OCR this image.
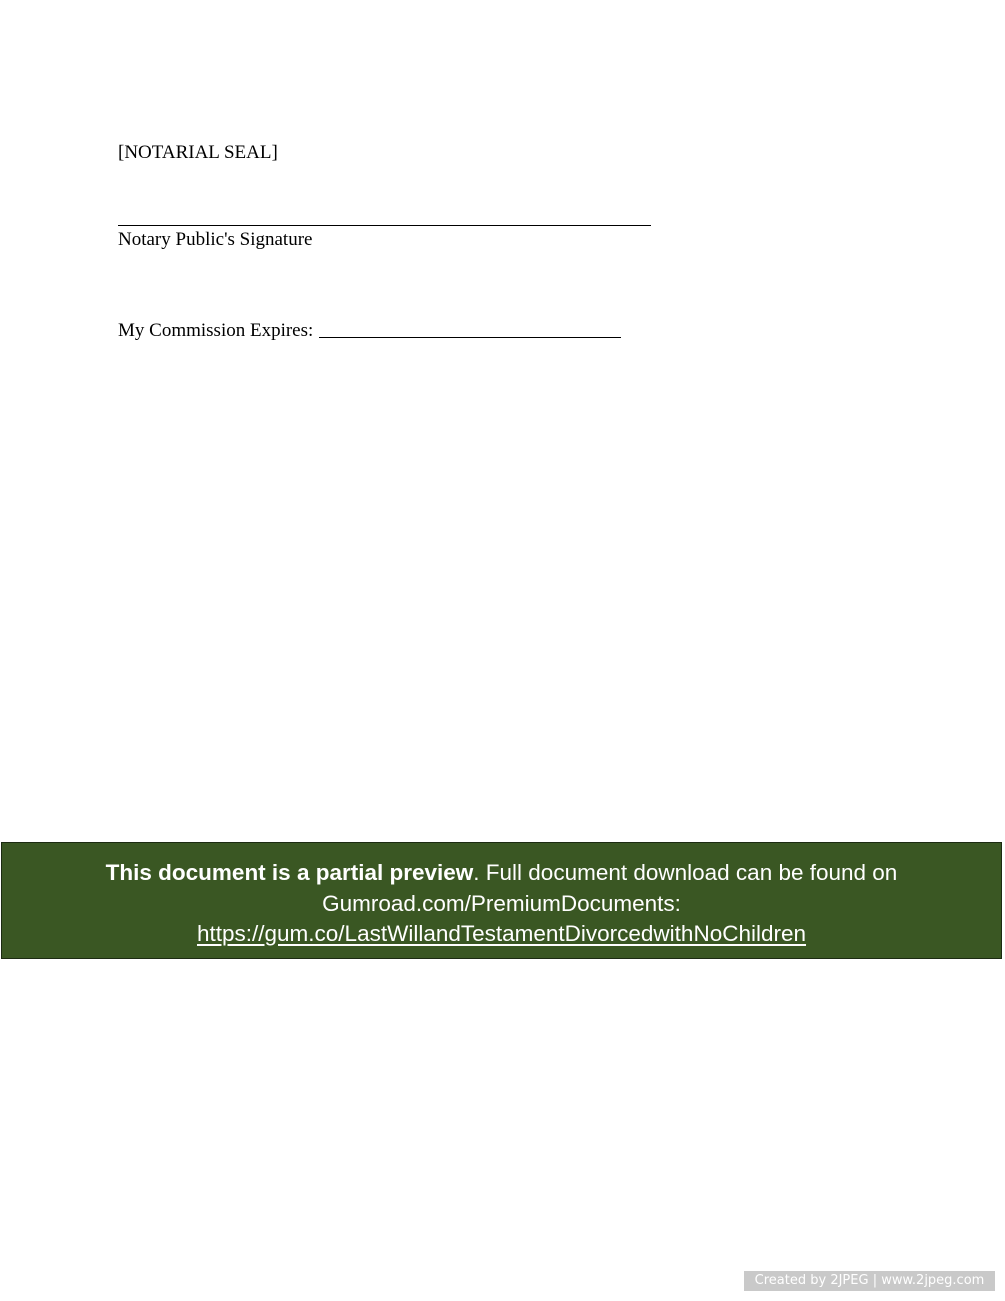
[NOTARIAL SEAL]
Notary Public's Signature
My Commission Expires:
This document is a partial preview. Full document download can be found on
Gumroad.com/PremiumDocuments:
https://gum.co/LastWillandTestamentDivorcedwithNoChildren
Created by 2JPEG | www.2jpeg.com
